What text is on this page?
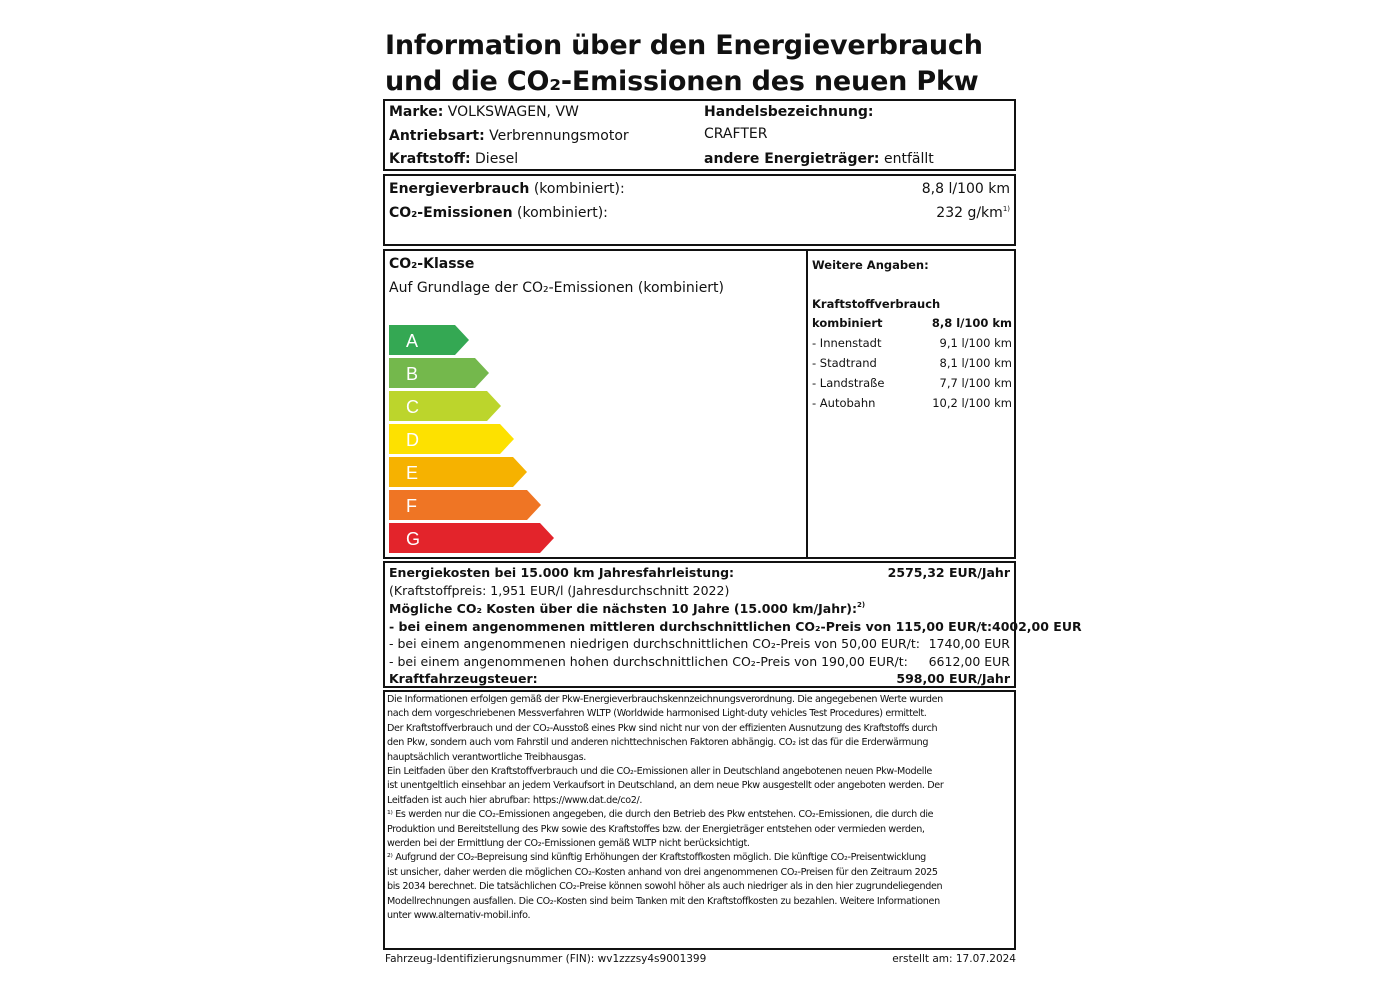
Information über den Energieverbrauch
und die CO₂-Emissionen des neuen Pkw
Marke: VOLKSWAGEN, VW
Antriebsart: Verbrennungsmotor
Kraftstoff: Diesel
Handelsbezeichnung:
CRAFTER
andere Energieträger: entfällt
Energieverbrauch (kombiniert):	8,8 l/100 km
CO₂-Emissionen (kombiniert):	232 $g/km^{1)}$
CO₂-Klasse
Auf Grundlage der CO₂-Emissionen (kombiniert)
A
B
C
D
E
F
G
Weitere Angaben:
Kraftstoffverbrauch
kombiniert	8,8 l/100 km
- Innenstadt	9,1 l/100 km
- Stadtrand	8,1 l/100 km
- Landstraße	7,7 l/100 km
- Autobahn	10,2 l/100 km
Energiekosten bei 15.000 km Jahresfahrleistung:	2575,32 EUR/Jahr
(Kraftstoffpreis: 1,951 EUR/l (Jahresdurchschnitt 2022)
Mögliche CO₂ Kosten über die nächsten 10 Jahre (15.000 km/Jahr):$^{2)}$
- bei einem angenommenen mittleren durchschnittlichen CO₂-Preis von 115,00 EUR/t: 4002,00 EUR
- bei einem angenommenen niedrigen durchschnittlichen CO₂-Preis von 50,00 EUR/t: 1740,00 EUR
- bei einem angenommenen hohen durchschnittlichen CO₂-Preis von 190,00 EUR/t: 6612,00 EUR
Kraftfahrzeugsteuer:	598,00 EUR/Jahr
Die Informationen erfolgen gemäß der Pkw-Energieverbrauchskennzeichnungsverordnung. Die angegebenen Werte wurden
nach dem vorgeschriebenen Messverfahren WLTP (Worldwide harmonised Light-duty vehicles Test Procedures) ermittelt.
Der Kraftstoffverbrauch und der CO₂-Ausstoß eines Pkw sind nicht nur von der effizienten Ausnutzung des Kraftstoffs durch
den Pkw, sondern auch vom Fahrstil und anderen nichttechnischen Faktoren abhängig. CO₂ ist das für die Erderwärmung
hauptsächlich verantwortliche Treibhausgas.
Ein Leitfaden über den Kraftstoffverbrauch und die CO₂-Emissionen aller in Deutschland angebotenen neuen Pkw-Modelle
ist unentgeltlich einsehbar an jedem Verkaufsort in Deutschland, an dem neue Pkw ausgestellt oder angeboten werden. Der
Leitfaden ist auch hier abrufbar: https://www.dat.de/co2/.
¹⁾ Es werden nur die CO₂-Emissionen angegeben, die durch den Betrieb des Pkw entstehen. CO₂-Emissionen, die durch die
Produktion und Bereitstellung des Pkw sowie des Kraftstoffes bzw. der Energieträger entstehen oder vermieden werden,
werden bei der Ermittlung der CO₂-Emissionen gemäß WLTP nicht berücksichtigt.
²⁾ Aufgrund der CO₂-Bepreisung sind künftig Erhöhungen der Kraftstoffkosten möglich. Die künftige CO₂-Preisentwicklung
ist unsicher, daher werden die möglichen CO₂-Kosten anhand von drei angenommenen CO₂-Preisen für den Zeitraum 2025
bis 2034 berechnet. Die tatsächlichen CO₂-Preise können sowohl höher als auch niedriger als in den hier zugrundeliegenden
Modellrechnungen ausfallen. Die CO₂-Kosten sind beim Tanken mit den Kraftstoffkosten zu bezahlen. Weitere Informationen
unter www.alternativ-mobil.info.
Fahrzeug-Identifizierungsnummer (FIN): wv1zzzsy4s9001399	erstellt am: 17.07.2024
